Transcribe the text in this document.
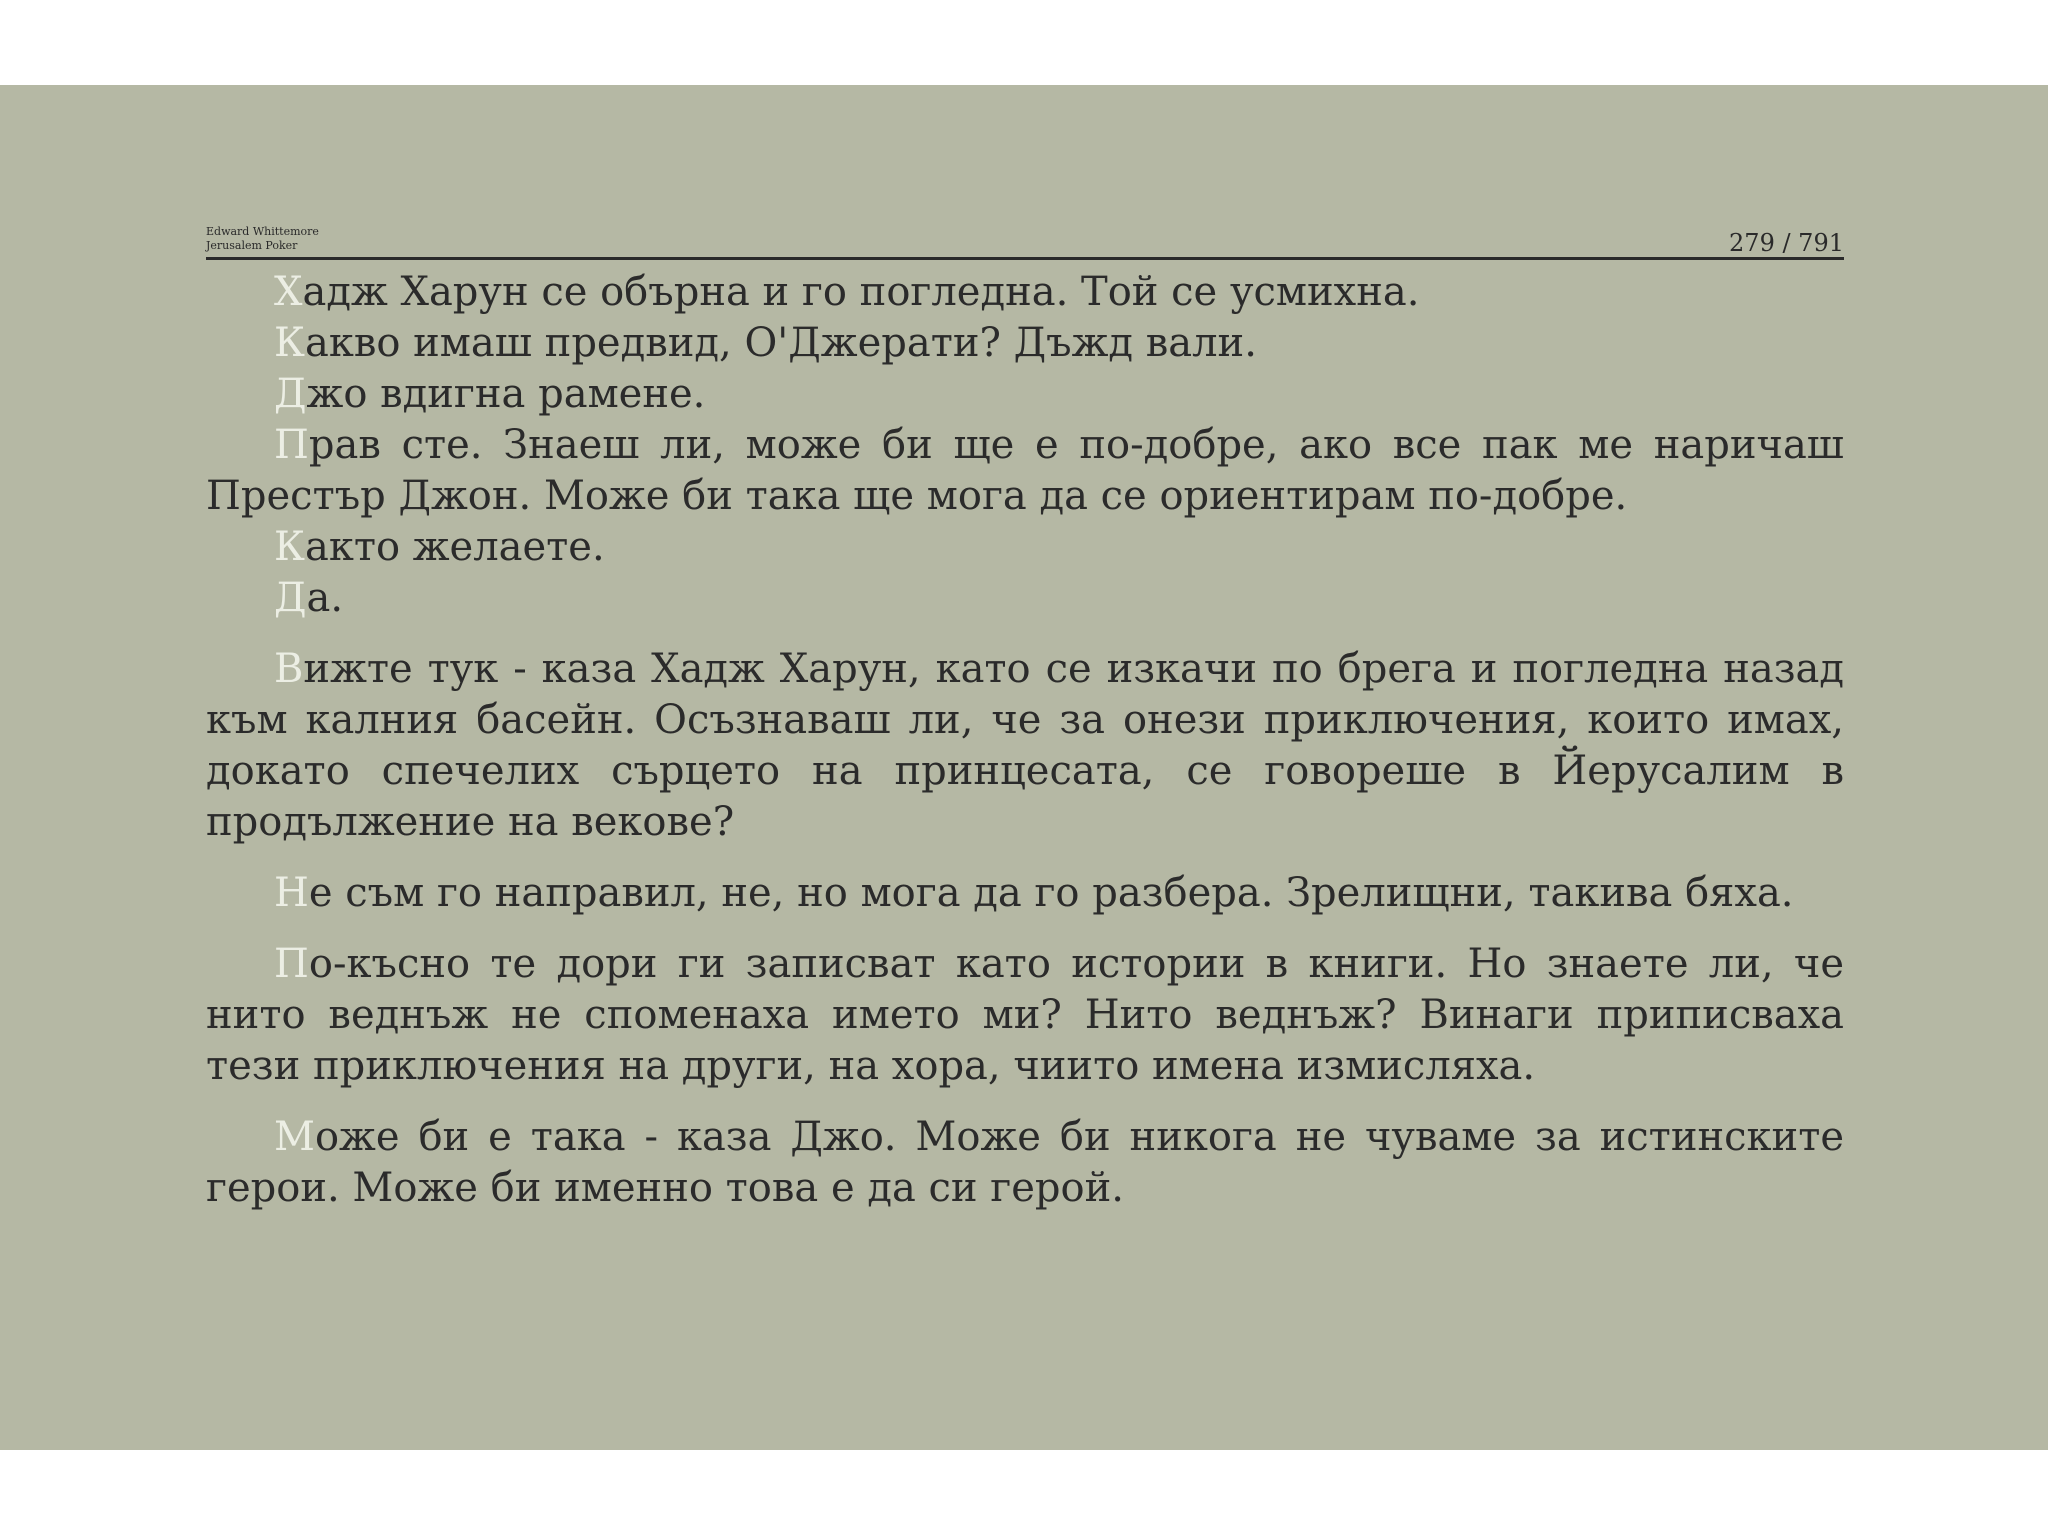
Edward Whittemore
Jerusalem Poker	279 / 791

Хадж Харун се обърна и го погледна. Той се усмихна.

Какво имаш предвид, О'Джерати? Дъжд вали.

Джо вдигна рамене.

Прав сте. Знаеш ли, може би ще е по-добре, ако все пак ме наричаш Престър Джон. Може би така ще мога да се ориентирам по-добре.

Както желаете.

Да.

Вижте тук - каза Хадж Харун, като се изкачи по брега и погледна назад към калния басейн. Осъзнаваш ли, че за онези приключения, които имах, докато спечелих сърцето на принцесата, се говореше в Йерусалим в продължение на векове?

Не съм го направил, не, но мога да го разбера. Зрелищни, такива бяха.

По-късно те дори ги записват като истории в книги. Но знаете ли, че нито веднъж не споменаха името ми? Нито веднъж? Винаги приписваха тези приключения на други, на хора, чиито имена измисляха.

Може би е така - каза Джо. Може би никога не чуваме за истинските герои. Може би именно това е да си герой.
